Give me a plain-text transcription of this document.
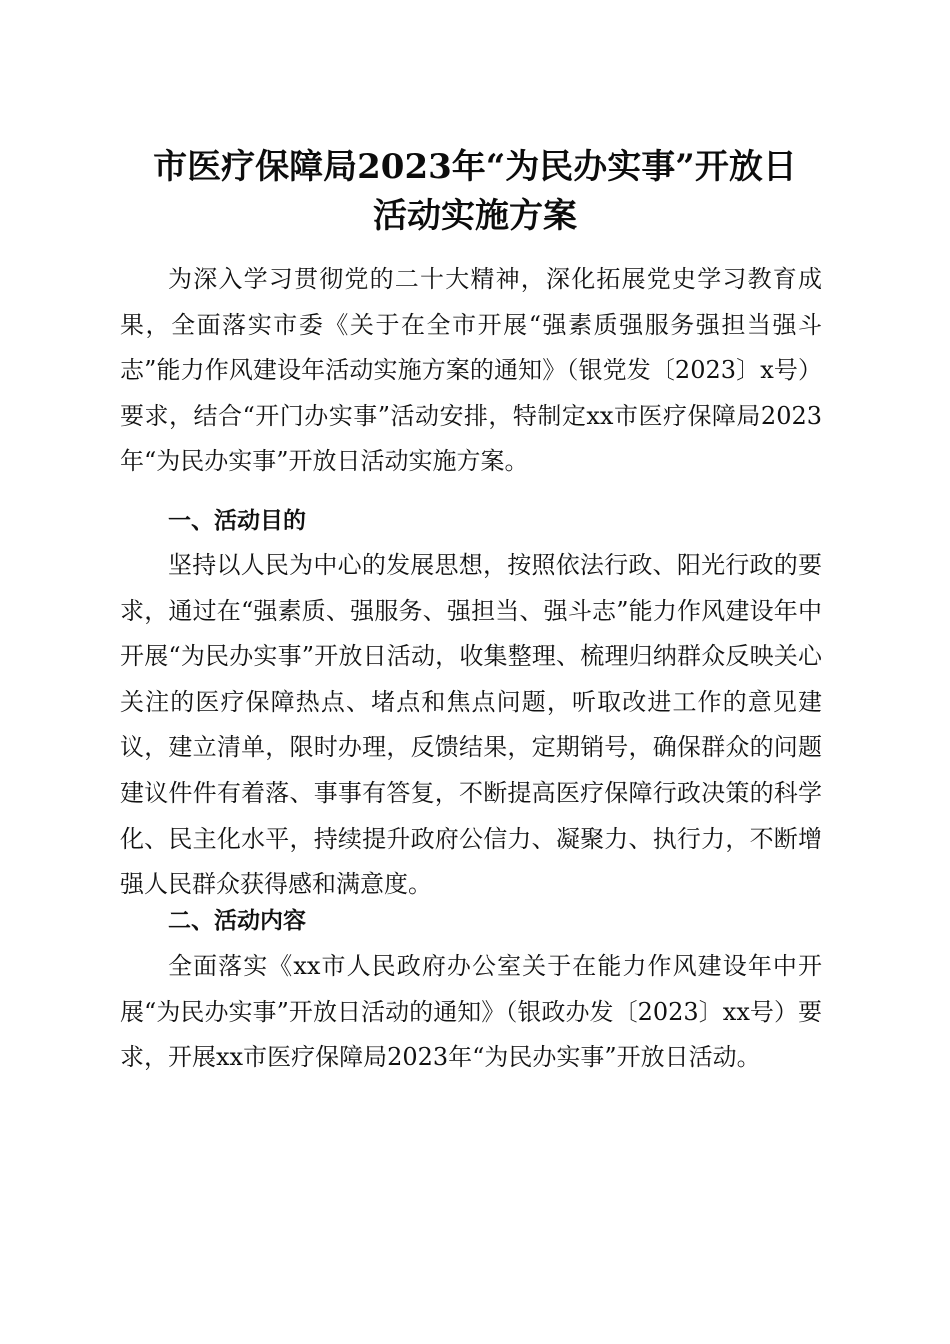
市医疗保障局2023年“为民办实事”开放日
活动实施方案

为深入学习贯彻党的二十大精神，深化拓展党史学习教育成果，全面落实市委《关于在全市开展“强素质强服务强担当强斗志”能力作风建设年活动实施方案的通知》（银党发〔2023〕x号）要求，结合“开门办实事”活动安排，特制定xx市医疗保障局2023年“为民办实事”开放日活动实施方案。

一、活动目的

坚持以人民为中心的发展思想，按照依法行政、阳光行政的要求，通过在“强素质、强服务、强担当、强斗志”能力作风建设年中开展“为民办实事”开放日活动，收集整理、梳理归纳群众反映关心关注的医疗保障热点、堵点和焦点问题，听取改进工作的意见建议，建立清单，限时办理，反馈结果，定期销号，确保群众的问题建议件件有着落、事事有答复，不断提高医疗保障行政决策的科学化、民主化水平，持续提升政府公信力、凝聚力、执行力，不断增强人民群众获得感和满意度。

二、活动内容

全面落实《xx市人民政府办公室关于在能力作风建设年中开展“为民办实事”开放日活动的通知》（银政办发〔2023〕xx号）要求，开展xx市医疗保障局2023年“为民办实事”开放日活动。
